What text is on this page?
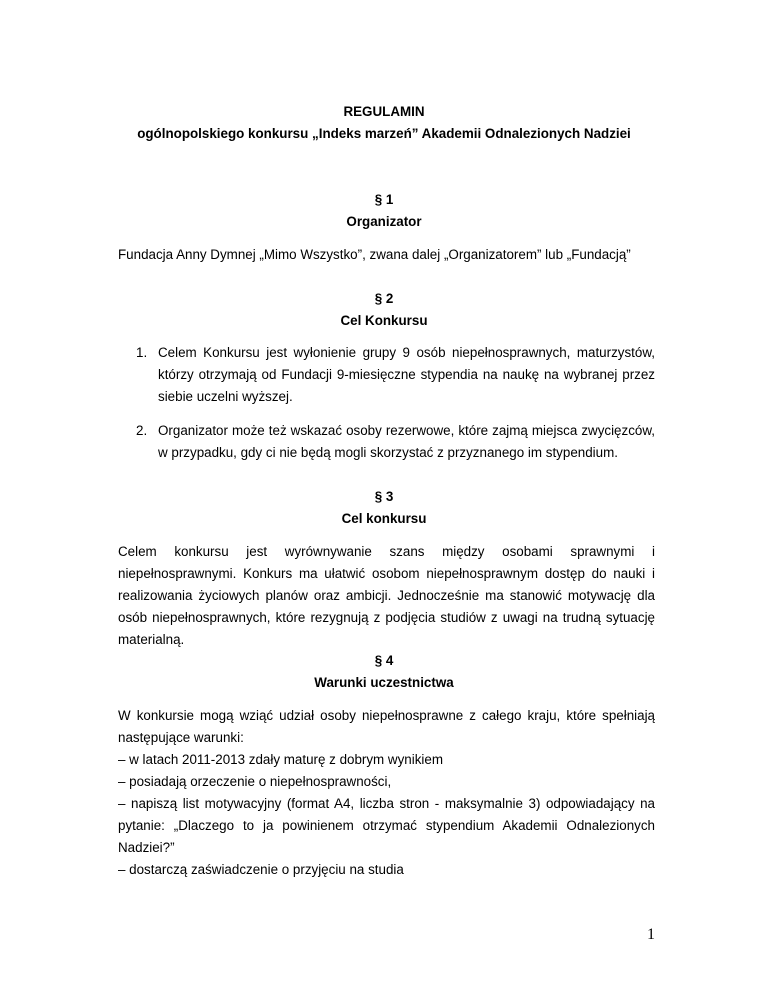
REGULAMIN
ogólnopolskiego konkursu „Indeks marzeń” Akademii Odnalezionych Nadziei
§ 1
Organizator
Fundacja Anny Dymnej „Mimo Wszystko”, zwana dalej „Organizatorem” lub „Fundacją”
§ 2
Cel Konkursu
1. Celem Konkursu jest wyłonienie grupy 9 osób niepełnosprawnych, maturzystów, którzy otrzymają od Fundacji 9-miesięczne stypendia na naukę na wybranej przez siebie uczelni wyższej.
2. Organizator może też wskazać osoby rezerwowe, które zajmą miejsca zwycięzców, w przypadku, gdy ci nie będą mogli skorzystać z przyznanego im stypendium.
§ 3
Cel konkursu
Celem konkursu jest wyrównywanie szans między osobami sprawnymi i niepełnosprawnymi. Konkurs ma ułatwić osobom niepełnosprawnym dostęp do nauki i realizowania życiowych planów oraz ambicji. Jednocześnie ma stanowić motywację dla osób niepełnosprawnych, które rezygnują z podjęcia studiów z uwagi na trudną sytuację materialną.
§ 4
Warunki uczestnictwa
W konkursie mogą wziąć udział osoby niepełnosprawne z całego kraju, które spełniają następujące warunki:
– w latach 2011-2013 zdały maturę z dobrym wynikiem
– posiadają orzeczenie o niepełnosprawności,
– napiszą list motywacyjny (format A4, liczba stron - maksymalnie 3) odpowiadający na pytanie: „Dlaczego to ja powinienem otrzymać stypendium Akademii Odnalezionych Nadziei?”
– dostarczą zaświadczenie o przyjęciu na studia
1
